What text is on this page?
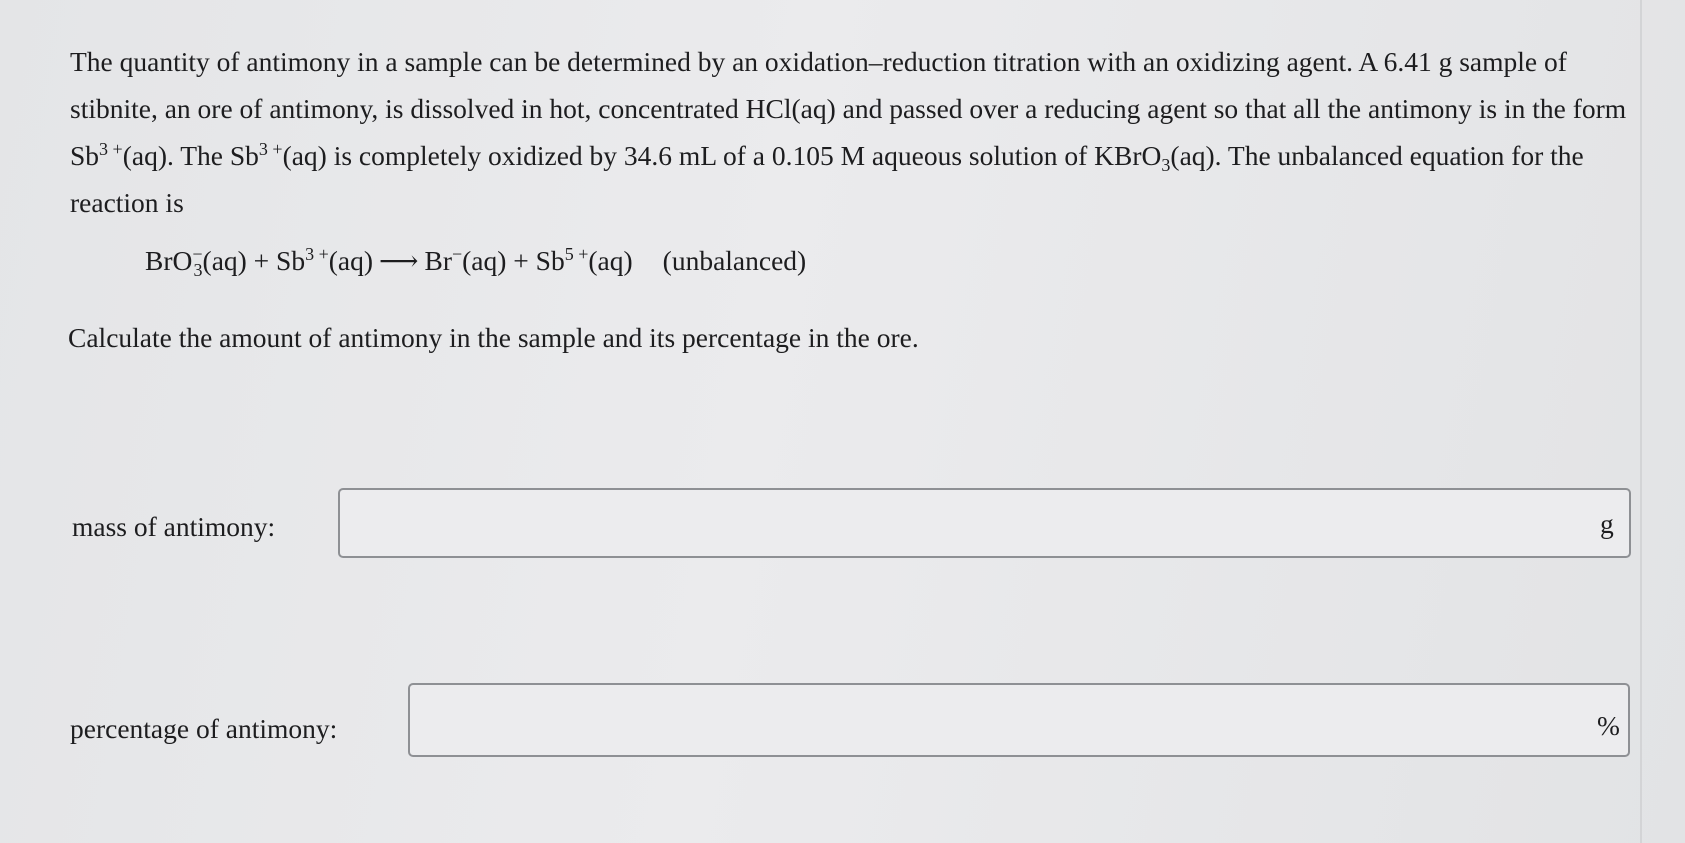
The quantity of antimony in a sample can be determined by an oxidation–reduction titration with an oxidizing agent. A 6.41 g sample of stibnite, an ore of antimony, is dissolved in hot, concentrated HCl(aq) and passed over a reducing agent so that all the antimony is in the form $Sb^{3 +}(aq)$. The $Sb^{3 +}(aq)$ is completely oxidized by 34.6 mL of a 0.105 M aqueous solution of KBrO$_3$(aq). The unbalanced equation for the reaction is

$BrO^-_3(aq) + Sb^{3 +}(aq)$ ⟶ $Br^-(aq) + Sb^{5 +}(aq)$ (unbalanced)
Calculate the amount of antimony in the sample and its percentage in the ore.
mass of antimony:	g
percentage of antimony:	%
